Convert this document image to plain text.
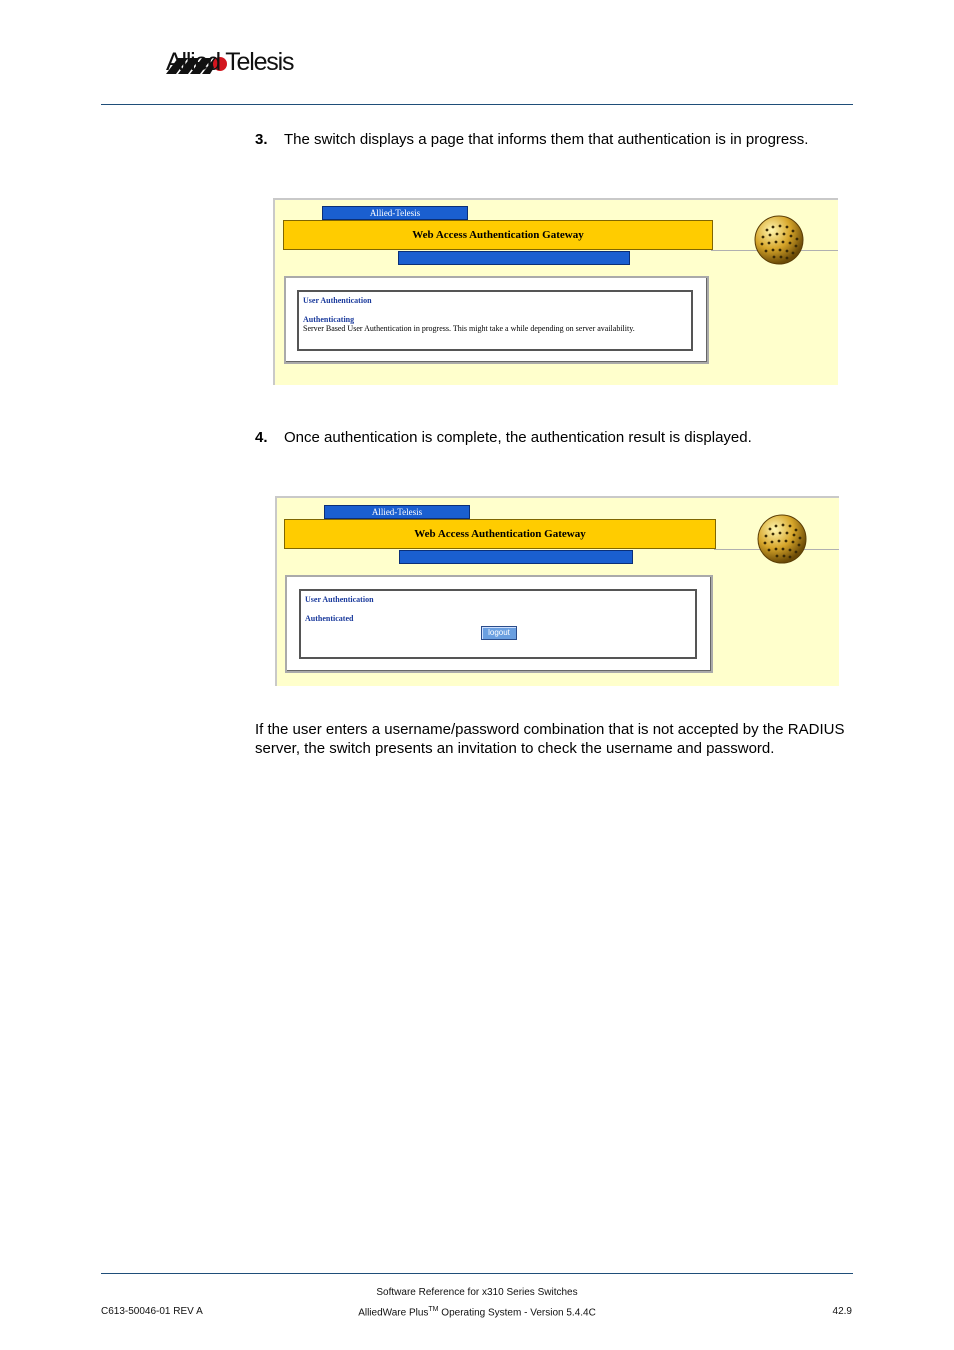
Allied Telesis
3. The switch displays a page that informs them that authentication is in progress.
Allied-Telesis
Web Access Authentication Gateway
User Authentication
Authenticating
Server Based User Authentication in progress. This might take a while depending on server availability.
4. Once authentication is complete, the authentication result is displayed.
Allied-Telesis
Web Access Authentication Gateway
User Authentication
Authenticated
logout
If the user enters a username/password combination that is not accepted by the RADIUS server, the switch presents an invitation to check the username and password.
Software Reference for x310 Series Switches
C613-50046-01 REV A	AlliedWare Plus™ Operating System - Version 5.4.4C	42.9
